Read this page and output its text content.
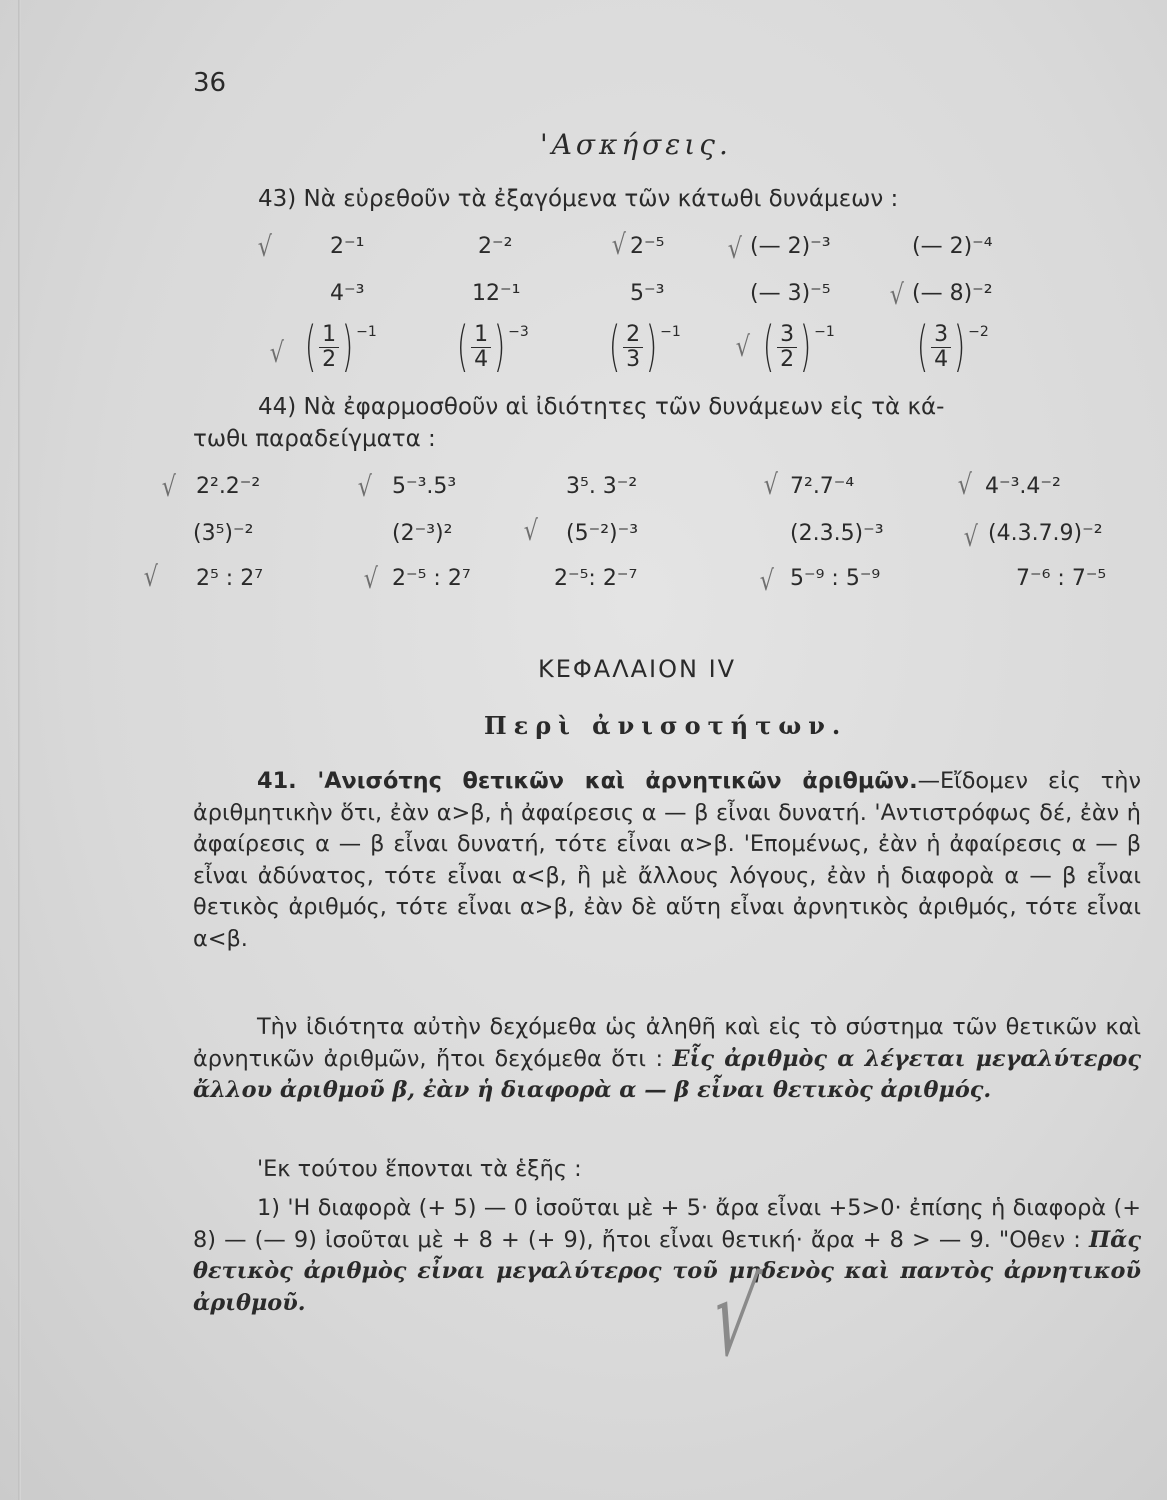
36
'Ασκήσεις.
43) Νὰ εὑρεθοῦν τὰ ἐξαγόμενα τῶν κάτωθι δυνάμεων :
2⁻¹	2⁻²	2⁻⁵	(— 2)⁻³	(— 2)⁻⁴
4⁻³	12⁻¹	5⁻³	(— 3)⁻⁵	(— 8)⁻²
( $\frac{1}{2}$ ) −1 ( $\frac{1}{4}$ ) −3 ( $\frac{2}{3}$ ) −1 ( $\frac{3}{2}$ ) −1 ( $\frac{3}{4}$ ) −2
44) Νὰ ἐφαρμοσθοῦν αἱ ἰδιότητες τῶν δυνάμεων εἰς τὰ κά-
τωθι παραδείγματα :
2².2⁻²	5⁻³.5³	3⁵. 3⁻²	7².7⁻⁴	4⁻³.4⁻²
(3⁵)⁻²	(2⁻³)²	(5⁻²)⁻³	(2.3.5)⁻³	(4.3.7.9)⁻²
2⁵ : 2⁷	2⁻⁵ : 2⁷	2⁻⁵: 2⁻⁷	5⁻⁹ : 5⁻⁹	7⁻⁶ : 7⁻⁵
√	√	√
√
√	√
√	√	√	√
√	√
√	√	√
ΚΕΦΑΛΑΙΟΝ IV
Περὶ ἀνισοτήτων.

41. 'Ανισότης θετικῶν καὶ ἀρνητικῶν ἀριθμῶν.—Εἴδομεν εἰς τὴν ἀριθμητικὴν ὅτι, ἐὰν α>β, ἡ ἀφαίρεσις α — β εἶναι δυνατή. 'Αντιστρόφως δέ, ἐὰν ἡ ἀφαίρεσις α — β εἶναι δυνατή, τότε εἶναι α>β. 'Επομένως, ἐὰν ἡ ἀφαίρεσις α — β εἶναι ἀδύνατος, τότε εἶναι α<β, ἢ μὲ ἄλλους λόγους, ἐὰν ἡ διαφορὰ α — β εἶναι θετικὸς ἀριθμός, τότε εἶναι α>β, ἐὰν δὲ αὕτη εἶναι ἀρνητικὸς ἀριθμός, τότε εἶναι α<β.

Τὴν ἰδιότητα αὐτὴν δεχόμεθα ὡς ἀληθῆ καὶ εἰς τὸ σύστημα τῶν θετικῶν καὶ ἀρνητικῶν ἀριθμῶν, ἤτοι δεχόμεθα ὅτι : Εἷς ἀριθμὸς α λέγεται μεγαλύτερος ἄλλου ἀριθμοῦ β, ἐὰν ἡ διαφορὰ α — β εἶναι θετικὸς ἀριθμός.

'Εκ τούτου ἕπονται τὰ ἑξῆς :

1) 'Η διαφορὰ (+ 5) — 0 ἰσοῦται μὲ + 5· ἄρα εἶναι +5>0· ἐπίσης ἡ διαφορὰ (+ 8) — (— 9) ἰσοῦται μὲ + 8 + (+ 9), ἤτοι εἶναι θετική· ἄρα + 8 > — 9. "Οθεν : Πᾶς θετικὸς ἀριθμὸς εἶναι μεγαλύτερος τοῦ μηδενὸς καὶ παντὸς ἀρνητικοῦ ἀριθμοῦ.	√
